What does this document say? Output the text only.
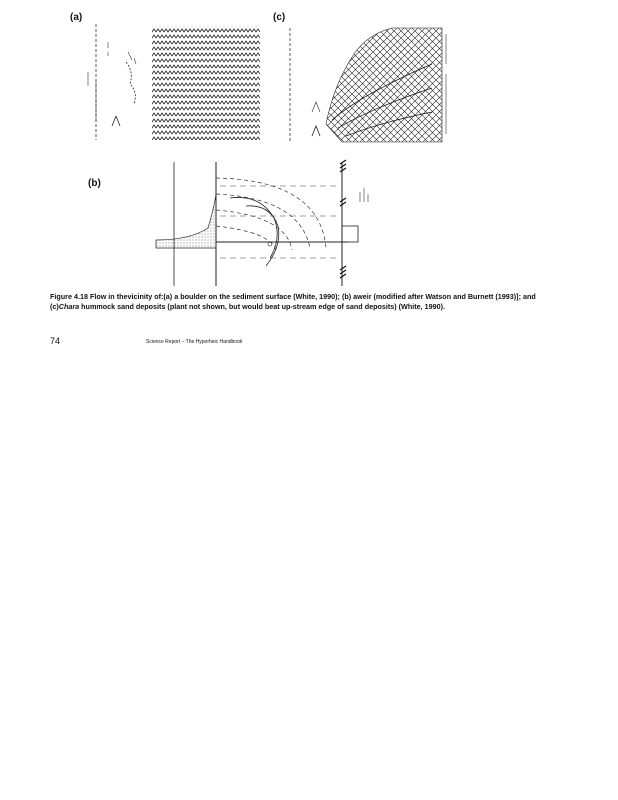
(a)	(c)
(b)
Figure 4.18 Flow in thevicinity of:(a) a boulder on the sediment surface (White, 1990); (b) aweir (modified after Watson and Burnett (1993)]; and (c)Chara hummock sand deposits (plant not shown, but would beat up-stream edge of sand deposits) (White, 1990).
74	Science Report – The Hyporheic Handbook
